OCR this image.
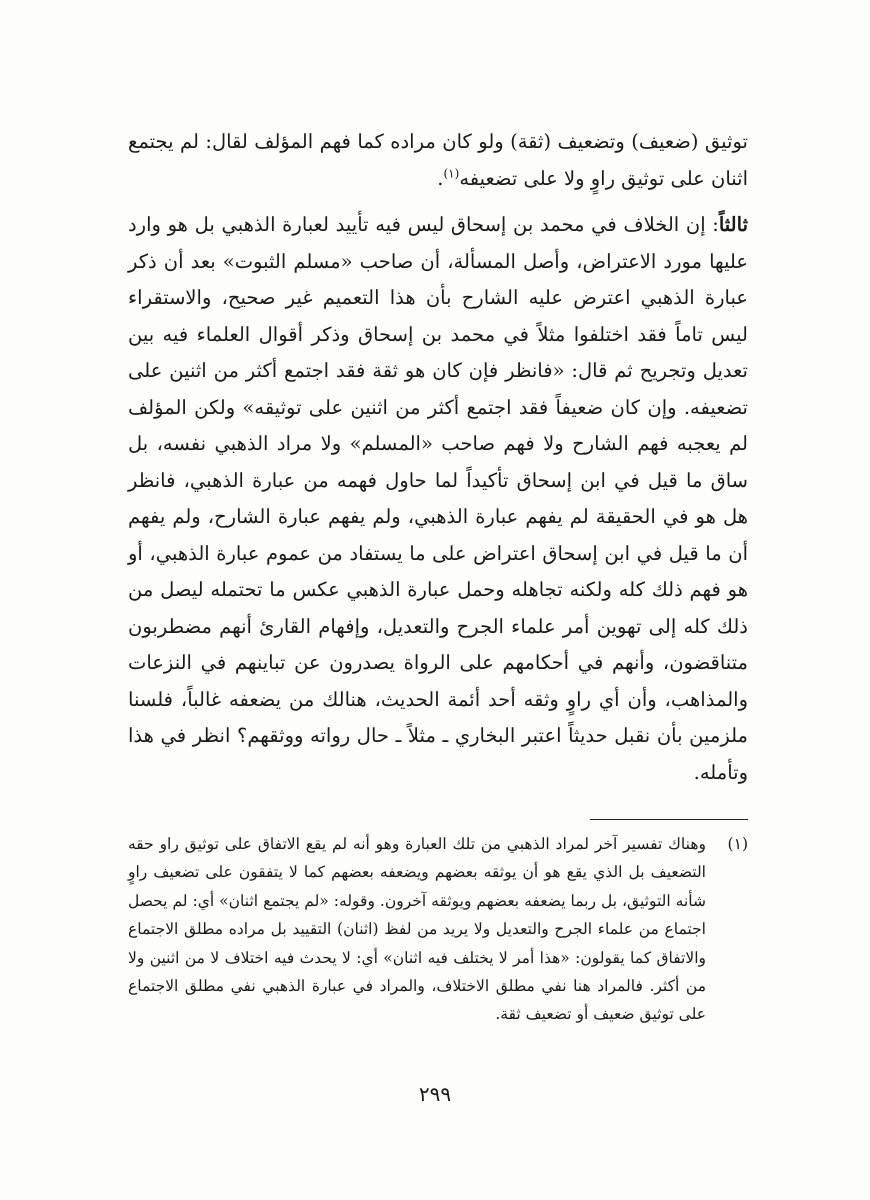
توثيق (ضعيف) وتضعيف (ثقة) ولو كان مراده كما فهم المؤلف لقال: لم يجتمع اثنان على توثيق راوٍ ولا على تضعيفه$^{(١)}$.

ثالثاً: إن الخلاف في محمد بن إسحاق ليس فيه تأييد لعبارة الذهبي بل هو وارد عليها مورد الاعتراض، وأصل المسألة، أن صاحب «مسلم الثبوت» بعد أن ذكر عبارة الذهبي اعترض عليه الشارح بأن هذا التعميم غير صحيح، والاستقراء ليس تاماً فقد اختلفوا مثلاً في محمد بن إسحاق وذكر أقوال العلماء فيه بين تعديل وتجريح ثم قال: «فانظر فإن كان هو ثقة فقد اجتمع أكثر من اثنين على تضعيفه. وإن كان ضعيفاً فقد اجتمع أكثر من اثنين على توثيقه» ولكن المؤلف لم يعجبه فهم الشارح ولا فهم صاحب «المسلم» ولا مراد الذهبي نفسه، بل ساق ما قيل في ابن إسحاق تأكيداً لما حاول فهمه من عبارة الذهبي، فانظر هل هو في الحقيقة لم يفهم عبارة الذهبي، ولم يفهم عبارة الشارح، ولم يفهم أن ما قيل في ابن إسحاق اعتراض على ما يستفاد من عموم عبارة الذهبي، أو هو فهم ذلك كله ولكنه تجاهله وحمل عبارة الذهبي عكس ما تحتمله ليصل من ذلك كله إلى تهوين أمر علماء الجرح والتعديل، وإفهام القارئ أنهم مضطربون متناقضون، وأنهم في أحكامهم على الرواة يصدرون عن تباينهم في النزعات والمذاهب، وأن أي راوٍ وثقه أحد أئمة الحديث، هنالك من يضعفه غالباً، فلسنا ملزمين بأن نقبل حديثاً اعتبر البخاري ـ مثلاً ـ حال رواته ووثقهم؟ انظر في هذا وتأمله.

(١)
وهناك تفسير آخر لمراد الذهبي من تلك العبارة وهو أنه لم يقع الاتفاق على توثيق راو حقه التضعيف بل الذي يقع هو أن يوثقه بعضهم ويضعفه بعضهم كما لا يتفقون على تضعيف راوٍ شأنه التوثيق، بل ربما يضعفه بعضهم ويوثقه آخرون. وقوله: «لم يجتمع اثنان» أي: لم يحصل اجتماع من علماء الجرح والتعديل ولا يريد من لفظ (اثنان) التقييد بل مراده مطلق الاجتماع والاتفاق كما يقولون: «هذا أمر لا يختلف فيه اثنان» أي: لا يحدث فيه اختلاف لا من اثنين ولا من أكثر. فالمراد هنا نفي مطلق الاختلاف، والمراد في عبارة الذهبي نفي مطلق الاجتماع على توثيق ضعيف أو تضعيف ثقة.
٢٩٩
